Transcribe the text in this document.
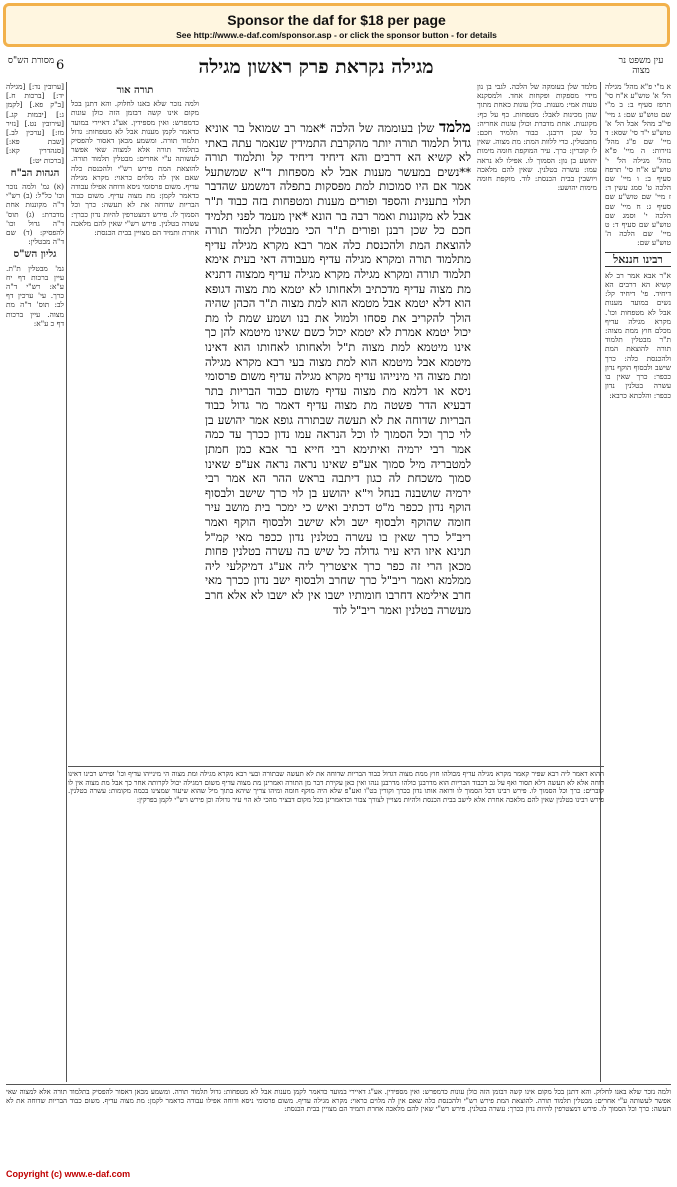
Sponsor the daf for $18 per page
See http://www.e-daf.com/sponsor.asp - or click the sponsor button - for details
עין משפט נר מצוה
מגילה נקראת פרק ראשון מגילה
6
מסורת הש"ס
א מ"י פ"א מהל' מגילה הל' א' טוש"ע א"ח סי' תרפז סעיף ב: ב מ"י שם טוש"ע שם: ג מיי' פי"ב מהל' אבל הל' א' טוש"ע י"ד סי' שסא: ד מיי' שם פ"ג מהל' נזירות: ה מיי' פ"א מהל' מגילה הל' י' טוש"ע א"ח סי' תרפח סעיף ב: ו מיי' שם הלכה ט' סמג עשין ד: ז מיי' שם טוש"ע שם סעיף ג: ח מיי' שם הלכה י' וסמג שם טוש"ע שם סעיף ד: ט מיי' שם הלכה ה' טוש"ע שם:
רבינו חננאל
א"ר אבא אמר רב לא קשיא הא דרבים הא דיחיד. פי' דיחיד קל: נשים במועד מענות אבל לא מטפחות וכו'. מקרא מגילה עדיף מכלם חוץ ממת מצוה: ת"ר מבטלין תלמוד תורה להוצאת המת ולהכנסת כלה: כרך שישב ולבסוף הוקף נדון ככפר: כרך שאין בו עשרה בטלנין נדון ככפר: והלכתא כרבא:
מלמד שלן בעומקה של הלכה. לגבי בן נון מידי מספקות ופקחות אחד. ולמסקנא טעות אמי: מענות. כולן עונות כאחת מתוך שהן מכינות לאבל: מטפחות. כף על כף: מקוננות. אחת מדברת וכולן עונות אחריה: כל שכן דרבנן. כבוד תלמיד חכם: מתבטלין. כדי ללוות המת: מת מצוה. שאין לו קוברין: כרך. עיר המוקפת חומה מימות יהושע בן נון: הסמוך לו. אפילו לא נראה עמו: עשרה בטלנין. שאין להם מלאכה ויושבין בבית הכנסת: לוד. מוקפת חומה מימות יהושע:
מלמד שלן בעוממה של הלכה *אמר רב שמואל בר אוניא גדול תלמוד תורה יותר מהקרבת התמידין שנאמר עתה באתי לא קשיא הא דרבים והא דיחיד דיחיד קל ותלמוד תורה **נשים במעשר מענות אבל לא מספחות ד"א שמשתעל אמר אם היו סמוכות למת מפסקות בתפלה דמשמע שהדבר תלוי בתענית והספד ופורים מענות ומטפחות בזה כבוד ת"ר אבל לא מקוננות ואמר רבה בר הונא *אין מעמד לפני תלמיד חכם כל שכן רבנן ופורים ת"ר הכי מבטלין תלמוד תורה להוצאת המת ולהכנסת כלה אמר רבא מקרא מגילה עדיף מתלמוד תורה ומקרא מגילה עדיף מעבודה דאי בעית אימא תלמוד תורה ומקרא מגילה מקרא מגילה עדיף ממצוה דתניא מת מצוה עדיף מדכתיב ולאחותו לא יטמא מת מצוה דגופא הוא דלא יטמא אבל מטמא הוא למת מצוה ת"ר הכהן שהיה הולך להקריב את פסחו ולמול את בנו ושמע שמת לו מת יכול יטמא אמרת לא יטמא יכול כשם שאינו מיטמא להן כך אינו מיטמא למת מצוה ת"ל ולאחותו לאחותו הוא דאינו מיטמא אבל מיטמא הוא למת מצוה בעי רבא מקרא מגילה ומת מצוה הי מינייהו עדיף מקרא מגילה עדיף משום פרסומי ניסא או דלמא מת מצוה עדיף משום כבוד הבריות בתר דבעיא הדר פשטה מת מצוה עדיף דאמר מר גדול כבוד הבריות שדוחה את לא תעשה שבתורה גופא אמר יהושע בן לוי כרך וכל הסמוך לו וכל הנראה עמו נדון ככרך עד כמה אמר רבי ירמיה ואיתימא רבי חייא בר אבא כמן חמתן למטבריה מיל סמוך אע"פ שאינו נראה נראה אע"פ שאינו סמוך משכחת לה כגון דיתבה בראש ההר הא אמר רבי ירמיה שושבנה בנחל וי"א יהושע בן לוי כרך שישב ולבסוף הוקף נדון ככפר מ"ט דכתיב ואיש כי ימכר בית מושב עיר חומה שהוקף ולבסוף ישב ולא שישב ולבסוף הוקף ואמר ריב"ל כרך שאין בו עשרה בטלנין נדון ככפר מאי קמ"ל תנינא איזו היא עיר גדולה כל שיש בה עשרה בטלנין פחות מכאן הרי זה כפר כרך איצטריך ליה אע"ג דמיקלעי ליה ממלמא ואמר ריב"ל כרך שחרב ולבסוף ישב נדון ככרך מאי חרב אילימא דחרבו חומותיו ישבו אין לא ישבו לא אלא חרב מעשרה בטלנין ואמר ריב"ל לוד
תורה אור
ולמה נזכר שלא באנו לחלוק. והא דתנן בכל מקום אינו קשה דבזמן הזה כולן עונות כדמפרש: ואין מספידין. אע"ג דאיירי במועד כדאמר לקמן מענות אבל לא מטפחות: גדול תלמוד תורה. ומשמע מכאן דאסור להפסיק בתלמוד תורה אלא למצוה שאי אפשר לעשותה ע"י אחרים: מבטלין תלמוד תורה. להוצאת המת פירש רש"י ולהכנסת כלה שאם אין לה מלוים כראוי: מקרא מגילה עדיף. משום פרסומי ניסא ודוחה אפילו עבודה כדאמר לקמן: מת מצוה עדיף. משום כבוד הבריות שדוחה את לא תעשה: כרך וכל הסמוך לו. פירש דמצטרפין להיות נדון ככרך: עשרה בטלנין. פירש רש"י שאין להם מלאכה אחרת ותמיד הם מצויין בבית הכנסת:
[ערובין נד:] [מגילה יד:] [ברכות ח.] [ב"ק פא.] [לקמן ג:] [יבמות קג.] [עירובין נט.] [נזיר מז:] [ערכין לב.] [שבת פא:] [סנהדרין קא:] [ברכות יט:]
הגהות הב"ח
(א) גמ' ולמה נזכר וכו' כל"ל: (ב) רש"י ד"ה מקוננות אחת מדברת: (ג) תוס' ד"ה גדול וכו' להפסיק: (ד) שם ד"ה מבטלין:
גליון הש"ס
גמ' מבטלין ת"ת. עיין ברכות דף יח ע"א: רש"י ד"ה כרך. עי' ערכין דף לב: תוס' ד"ה מת מצוה. עיין ברכות דף כ ע"א:
ההוא דאמר ליה רבא שפיר קאמר מקרא מגילה עדיף מכולהו חוץ ממת מצוה דגדול כבוד הבריות שדוחה את לא תעשה שבתורה ובעי רבא מקרא מגילה ומת מצוה הי מינייהו עדיף וכו' ופירש רבינו דאינו דוחה אלא לא תעשה דלא תסור ואף על גב דכבוד הבריות הוא מדרבנן כולהו מדרבנן ננהו ואין כאן עקירת דבר מן התורה ואמרינן מת מצוה עדיף משום דמגילה יכול לקרותה אחר כך אבל מת מצוה אין לו קוברים: כרך וכל הסמוך לו. פירש רבינו דכל הסמוך לו ורואה אותו נדון ככרך וקורין בט"ו ואע"פ שלא היה מוקף חומה ומיהו צריך שיהא בתוך מיל שהוא שיעור שמצינו בכמה מקומות: עשרה בטלנין. פירש רבינו בטלנין שאין להם מלאכה אחרת אלא לישב בבית הכנסת ולהיות מצויין לצורך צבור וכדאמרינן בכל מקום דבציר מהכי לא הוי עיר גדולה וכן פירש רש"י לקמן בפרקין:
ולמה נזכר שלא באנו לחלוק. והא דתנן בכל מקום אינו קשה דבזמן הזה כולן עונות כדמפרש: ואין מספידין. אע"ג דאיירי במועד כדאמר לקמן מענות אבל לא מטפחות: גדול תלמוד תורה. ומשמע מכאן דאסור להפסיק בתלמוד תורה אלא למצוה שאי אפשר לעשותה ע"י אחרים: מבטלין תלמוד תורה. להוצאת המת פירש רש"י ולהכנסת כלה שאם אין לה מלוים כראוי: מקרא מגילה עדיף. משום פרסומי ניסא ודוחה אפילו עבודה כדאמר לקמן: מת מצוה עדיף. משום כבוד הבריות שדוחה את לא תעשה: כרך וכל הסמוך לו. פירש דמצטרפין להיות נדון ככרך: עשרה בטלנין. פירש רש"י שאין להם מלאכה אחרת ותמיד הם מצויין בבית הכנסת:
Copyright (c) www.e-daf.com
